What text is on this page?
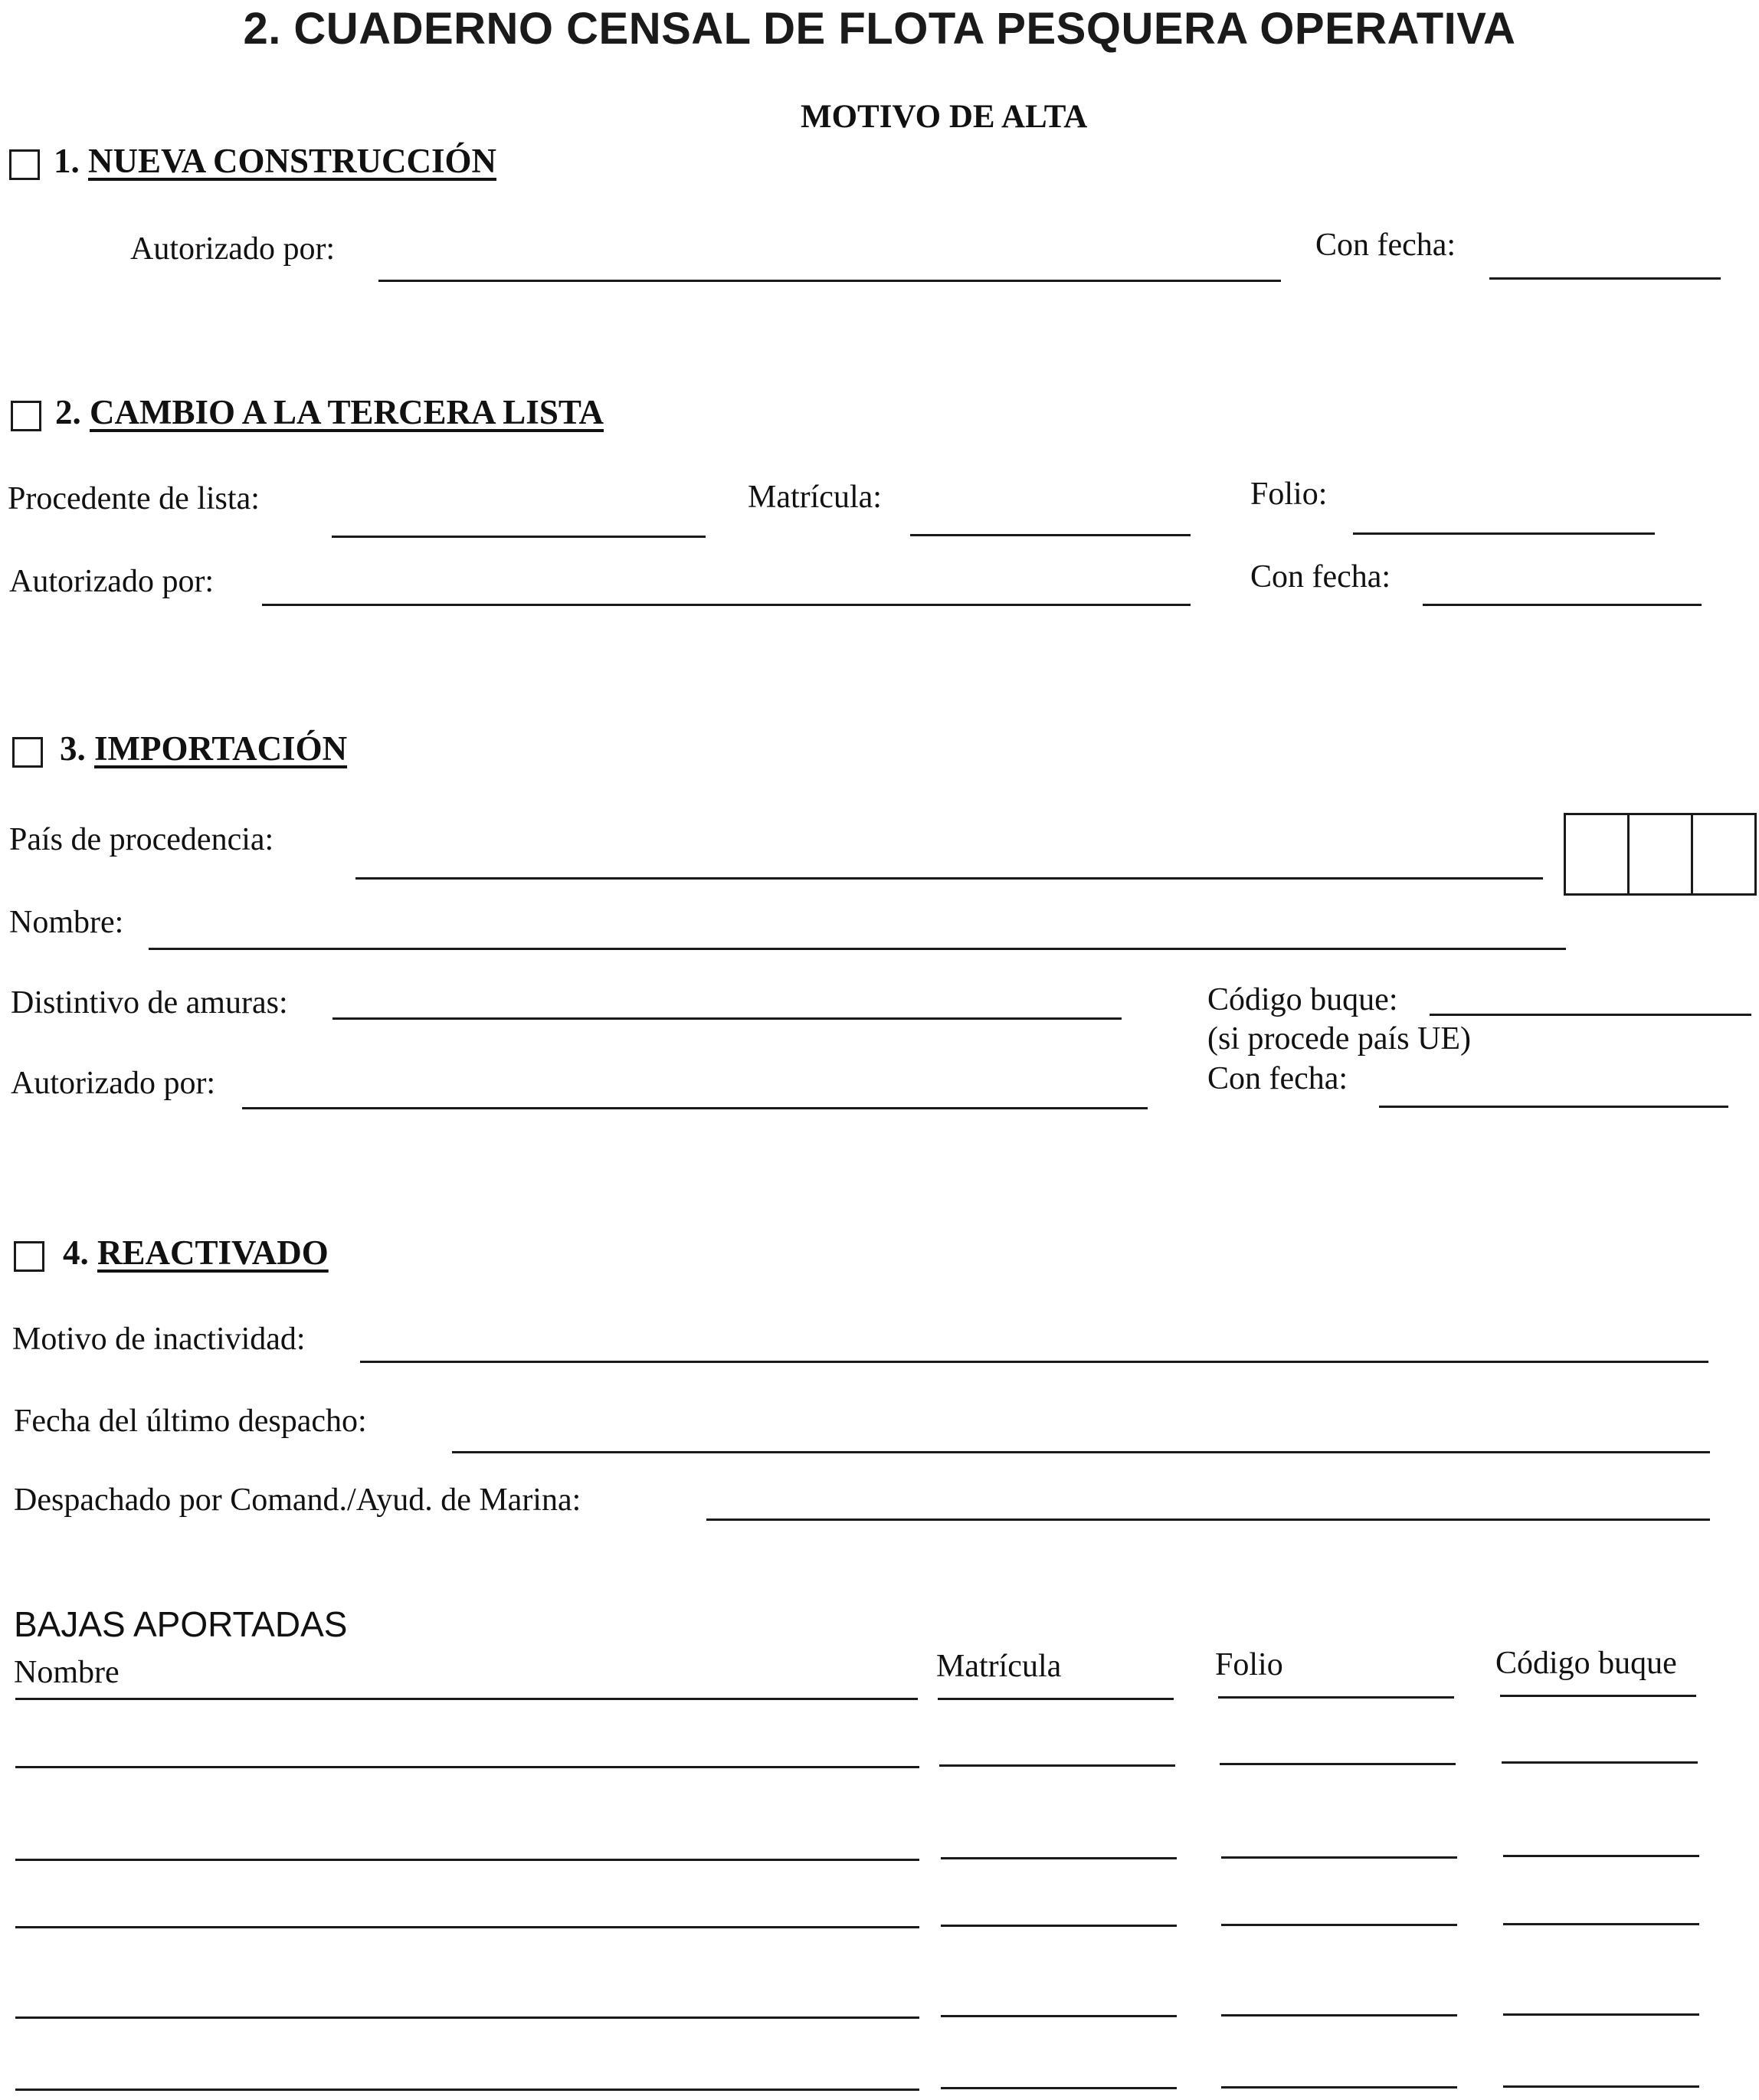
2. CUADERNO CENSAL DE FLOTA PESQUERA OPERATIVA
MOTIVO DE ALTA
1. NUEVA CONSTRUCCIÓN
Autorizado por:	Con fecha:
2. CAMBIO A LA TERCERA LISTA
Procedente de lista:	Matrícula:	Folio:
Autorizado por:	Con fecha:
3. IMPORTACIÓN
País de procedencia:
Nombre:
Distintivo de amuras:	Código buque:
(si procede país UE)
Autorizado por:	Con fecha:
4. REACTIVADO
Motivo de inactividad:
Fecha del último despacho:
Despachado por Comand./Ayud. de Marina:
BAJAS APORTADAS
Nombre	Matrícula	Folio	Código buque
